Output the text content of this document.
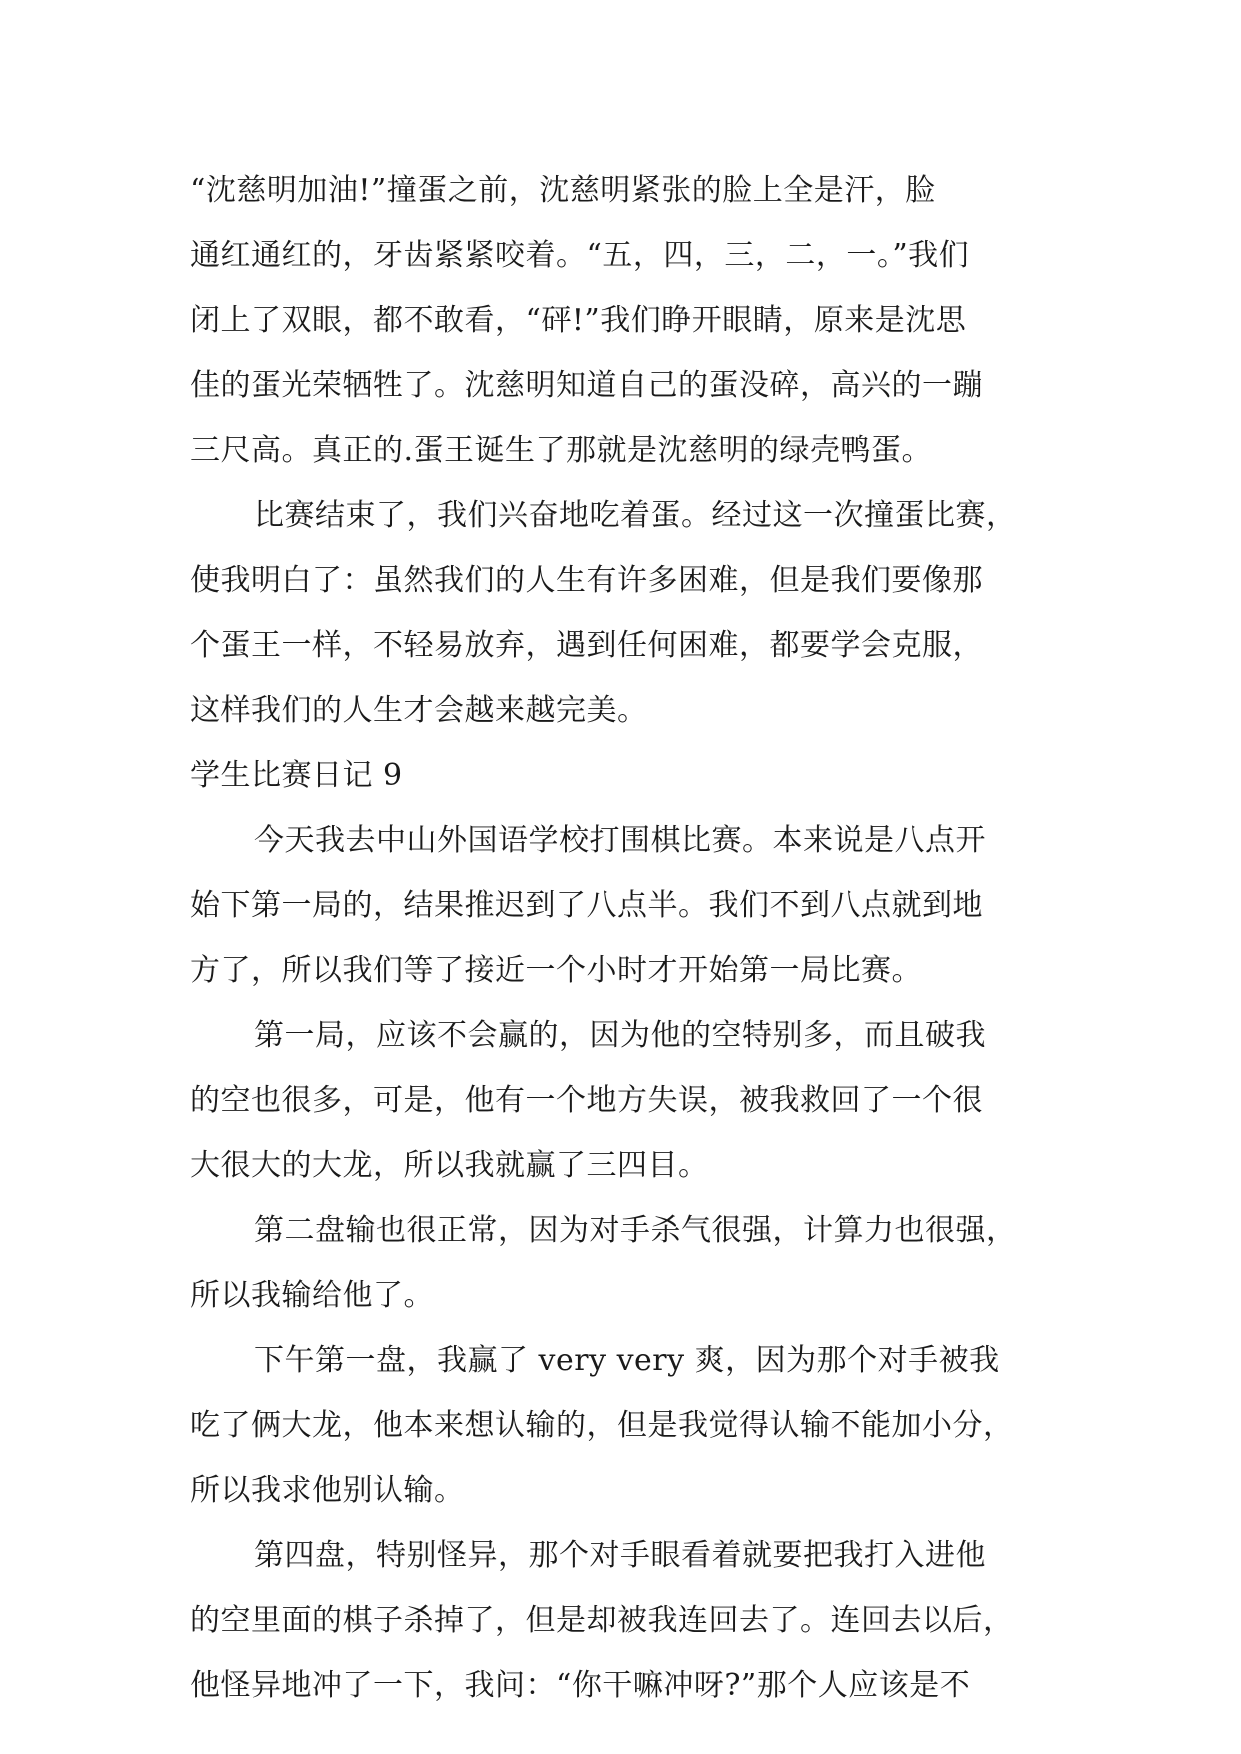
“沈慈明加油!”撞蛋之前，沈慈明紧张的脸上全是汗，脸
通红通红的，牙齿紧紧咬着。“五，四，三，二，一。”我们
闭上了双眼，都不敢看，“砰!”我们睁开眼睛，原来是沈思
佳的蛋光荣牺牲了。沈慈明知道自己的蛋没碎，高兴的一蹦
三尺高。真正的.蛋王诞生了那就是沈慈明的绿壳鸭蛋。
比赛结束了，我们兴奋地吃着蛋。经过这一次撞蛋比赛，
使我明白了：虽然我们的人生有许多困难，但是我们要像那
个蛋王一样，不轻易放弃，遇到任何困难，都要学会克服，
这样我们的人生才会越来越完美。
学生比赛日记 9
今天我去中山外国语学校打围棋比赛。本来说是八点开
始下第一局的，结果推迟到了八点半。我们不到八点就到地
方了，所以我们等了接近一个小时才开始第一局比赛。
第一局，应该不会赢的，因为他的空特别多，而且破我
的空也很多，可是，他有一个地方失误，被我救回了一个很
大很大的大龙，所以我就赢了三四目。
第二盘输也很正常，因为对手杀气很强，计算力也很强，
所以我输给他了。
下午第一盘，我赢了 very very 爽，因为那个对手被我
吃了俩大龙，他本来想认输的，但是我觉得认输不能加小分，
所以我求他别认输。
第四盘，特别怪异，那个对手眼看着就要把我打入进他
的空里面的棋子杀掉了，但是却被我连回去了。连回去以后，
他怪异地冲了一下，我问：“你干嘛冲呀?”那个人应该是不
